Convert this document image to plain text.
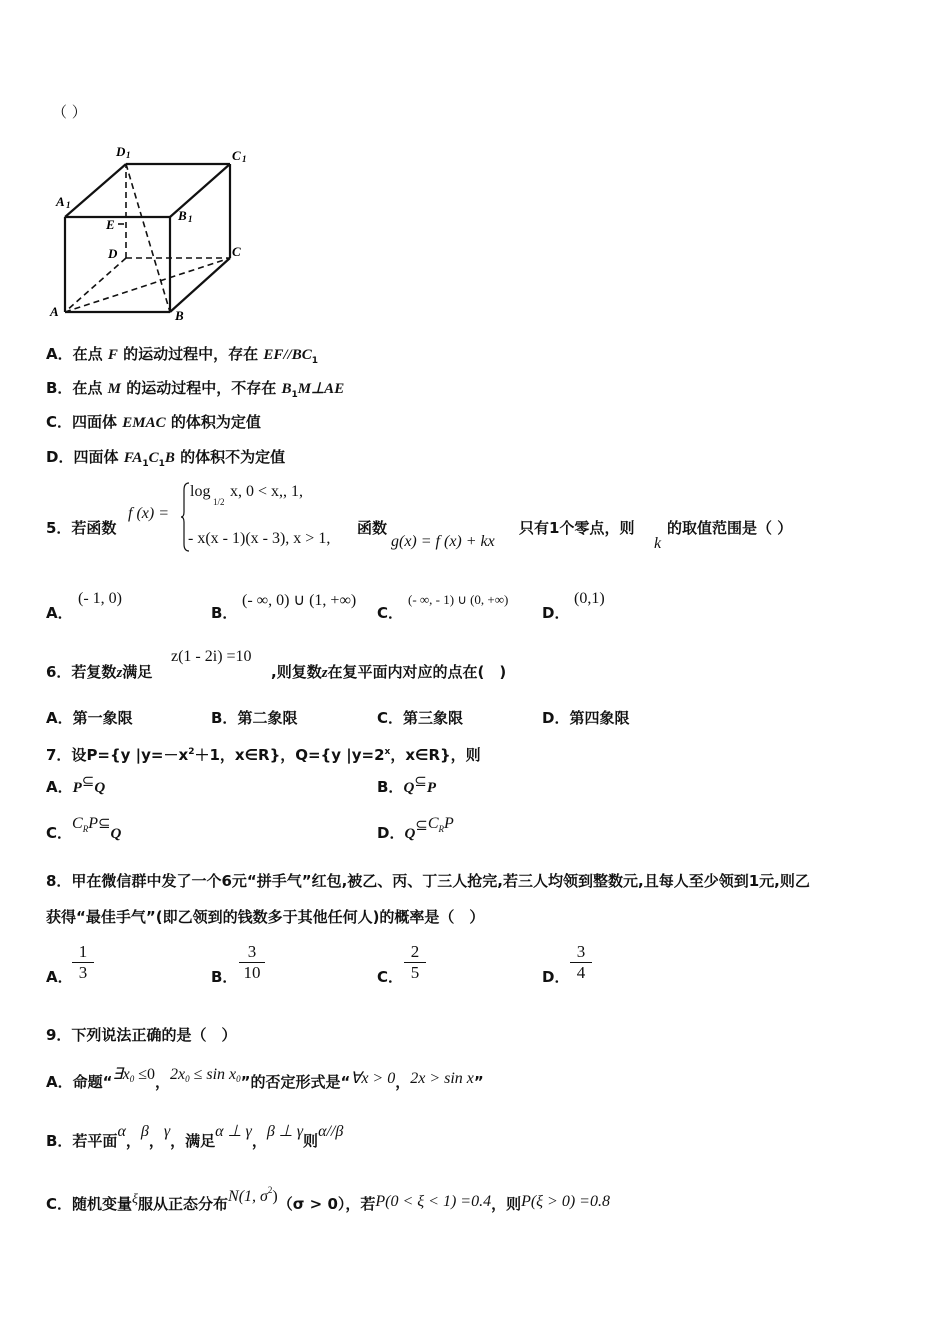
（ ）
D 1	C 1
A 1
B 1
E
D	C
A	B
A．在点 F 的运动过程中，存在 $EF//BC_1$
B．在点 M 的运动过程中，不存在 $B_1M\perp AE$
C．四面体 EMAC 的体积为定值
D．四面体 $FA_1C_1B$ 的体积不为定值
5．若函数
f (x) =
log
1/2
x, 0 < x,, 1,
- x(x - 1)(x - 3), x > 1,
函数
g(x) = f (x) + kx
只有1个零点，则
k
的取值范围是（ ）
A．
(- 1, 0)
B．
(- ∞, 0) ∪ (1, +∞)
C．
(- ∞, - 1) ∪ (0, +∞)
D．
(0,1)
6．若复数z满足
z(1 - 2i) =10
,则复数z在复平面内对应的点在(　)
A．第一象限	B．第二象限	C．第三象限	D．第四象限
7．设P={y $|y=-x^2+1$，x∈R}，Q={y $|y=2^x$，x∈R}，则
A．P⊆Q	B．Q⊆P
C．$C^RP⊆Q$	D．$Q⊆C^RP$
8．甲在微信群中发了一个6元“拼手气”红包,被乙、丙、丁三人抢完,若三人均领到整数元,且每人至少领到1元,则乙
获得“最佳手气”(即乙领到的钱数多于其他任何人)的概率是（　）
A．
1
3	B．
3
10	C．
2
5	D．
3
4
9．下列说法正确的是（　）
A．命题“$\exists x^0 \le 0$，$2x^0 \le \sin x^0$”的否定形式是“∀x > 0，2x > sin x”
B．若平面α，β，γ，满足α ⊥ γ，β ⊥ γ则α//β
C．随机变量ξ服从正态分布N(1, $\sigma^2)(\sigma > 0)$，若P(0 < ξ < 1) =0.4，则P(ξ > 0) =0.8
